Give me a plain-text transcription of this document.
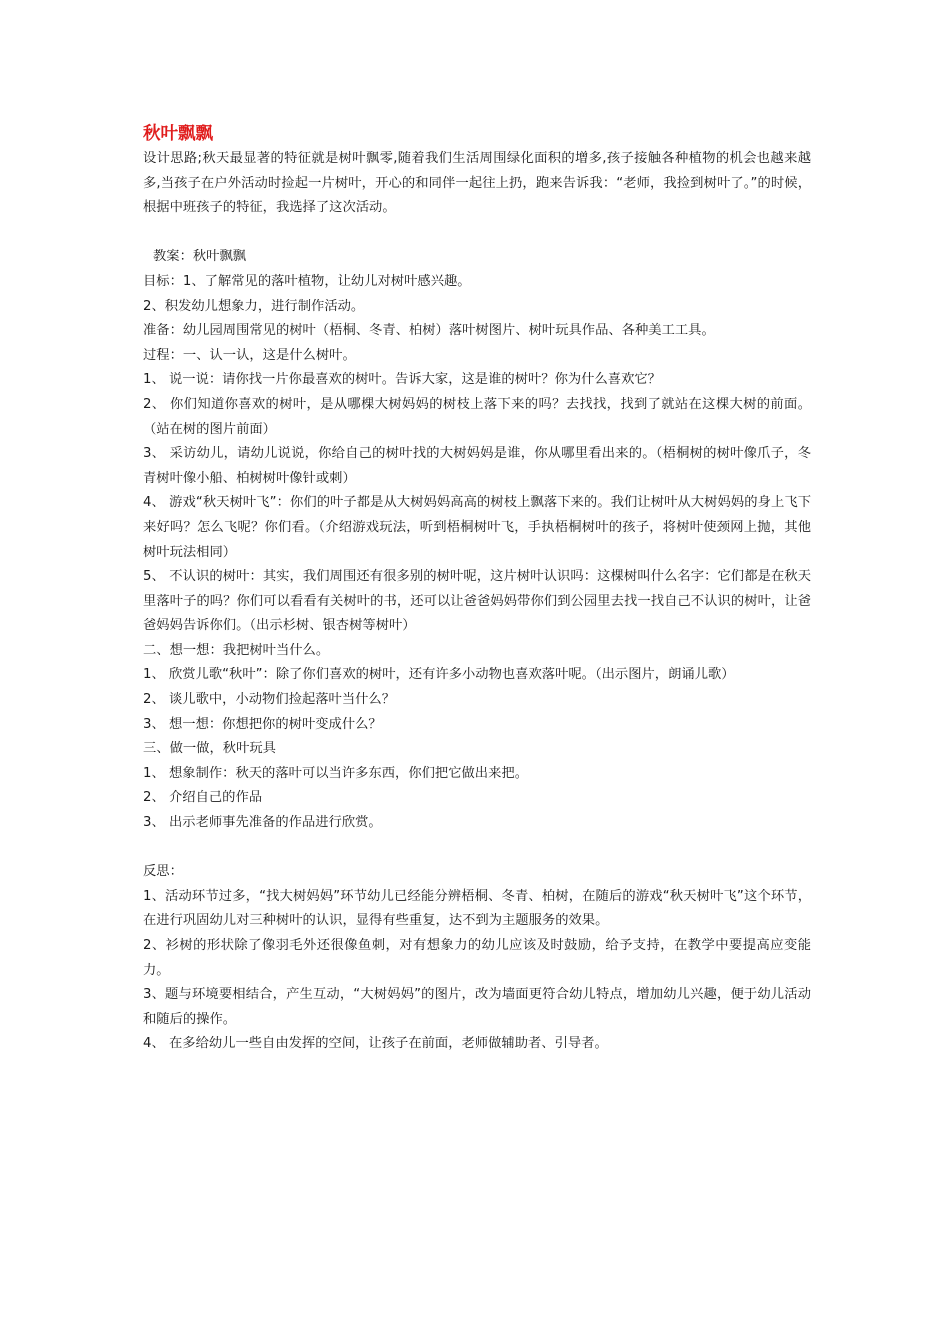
秋叶飘飘

设计思路;秋天最显著的特征就是树叶飘零,随着我们生活周围绿化面积的增多,孩子接触各种植物的机会也越来越多,当孩子在户外活动时捡起一片树叶，开心的和同伴一起往上扔，跑来告诉我：“老师，我捡到树叶了。”的时候，根据中班孩子的特征，我选择了这次活动。

教案：秋叶飘飘

目标：1、了解常见的落叶植物，让幼儿对树叶感兴趣。

2、积发幼儿想象力，进行制作活动。

准备：幼儿园周围常见的树叶（梧桐、冬青、柏树）落叶树图片、树叶玩具作品、各种美工工具。

过程：一、认一认，这是什么树叶。

1、 说一说：请你找一片你最喜欢的树叶。告诉大家，这是谁的树叶？你为什么喜欢它？

2、 你们知道你喜欢的树叶，是从哪棵大树妈妈的树枝上落下来的吗？去找找，找到了就站在这棵大树的前面。（站在树的图片前面）

3、 采访幼儿，请幼儿说说，你给自己的树叶找的大树妈妈是谁，你从哪里看出来的。（梧桐树的树叶像爪子，冬青树叶像小船、柏树树叶像针或刺）

4、 游戏“秋天树叶飞”：你们的叶子都是从大树妈妈高高的树枝上飘落下来的。我们让树叶从大树妈妈的身上飞下来好吗？怎么飞呢？你们看。（介绍游戏玩法，听到梧桐树叶飞，手执梧桐树叶的孩子，将树叶使颈网上抛，其他树叶玩法相同）

5、 不认识的树叶：其实，我们周围还有很多别的树叶呢，这片树叶认识吗：这棵树叫什么名字：它们都是在秋天里落叶子的吗？你们可以看看有关树叶的书，还可以让爸爸妈妈带你们到公园里去找一找自己不认识的树叶，让爸爸妈妈告诉你们。（出示杉树、银杏树等树叶）

二、想一想：我把树叶当什么。

1、 欣赏儿歌“秋叶”：除了你们喜欢的树叶，还有许多小动物也喜欢落叶呢。（出示图片，朗诵儿歌）

2、 谈儿歌中，小动物们捡起落叶当什么？

3、 想一想：你想把你的树叶变成什么？

三、做一做，秋叶玩具

1、 想象制作：秋天的落叶可以当许多东西，你们把它做出来把。

2、 介绍自己的作品

3、 出示老师事先准备的作品进行欣赏。

反思：

1、活动环节过多，“找大树妈妈”环节幼儿已经能分辨梧桐、冬青、柏树，在随后的游戏“秋天树叶飞”这个环节，在进行巩固幼儿对三种树叶的认识，显得有些重复，达不到为主题服务的效果。

2、衫树的形状除了像羽毛外还很像鱼刺，对有想象力的幼儿应该及时鼓励，给予支持，在教学中要提高应变能力。

3、题与环境要相结合，产生互动，“大树妈妈”的图片，改为墙面更符合幼儿特点，增加幼儿兴趣，便于幼儿活动和随后的操作。

4、 在多给幼儿一些自由发挥的空间，让孩子在前面，老师做辅助者、引导者。
